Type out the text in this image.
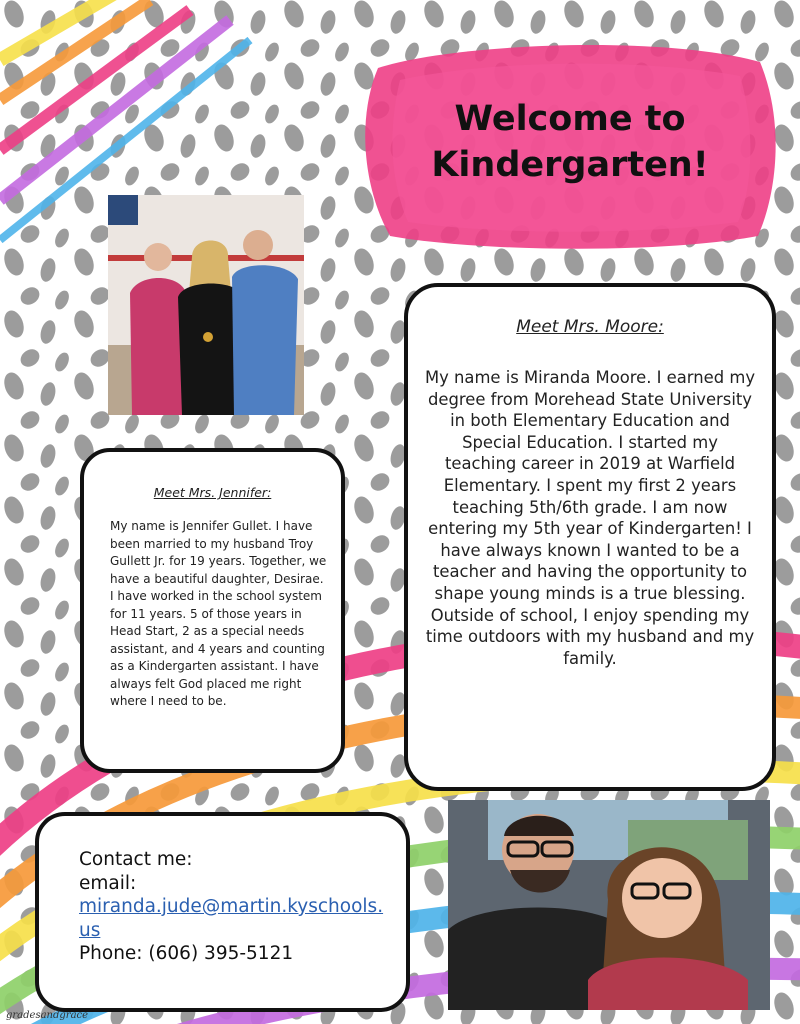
Welcome to Kindergarten!
Meet Mrs. Moore:
My name is Miranda Moore. I earned my degree from Morehead State University in both Elementary Education and Special Education. I started my teaching career in 2019 at Warfield Elementary. I spent my first 2 years teaching 5th/6th grade. I am now entering my 5th year of Kindergarten! I have always known I wanted to be a teacher and having the opportunity to shape young minds is a true blessing. Outside of school, I enjoy spending my time outdoors with my husband and my family.
Meet Mrs. Jennifer:
My name is Jennifer Gullet. I have been married to my husband Troy Gullett Jr. for 19 years. Together, we have a beautiful daughter, Desirae. I have worked in the school system for 11 years. 5 of those years in Head Start, 2 as a special needs assistant, and 4 years and counting as a Kindergarten assistant. I have always felt God placed me right where I need to be.
Contact me:
email:
miranda.jude@martin.kyschools.us
Phone: (606) 395-5121
gradesandgrace
